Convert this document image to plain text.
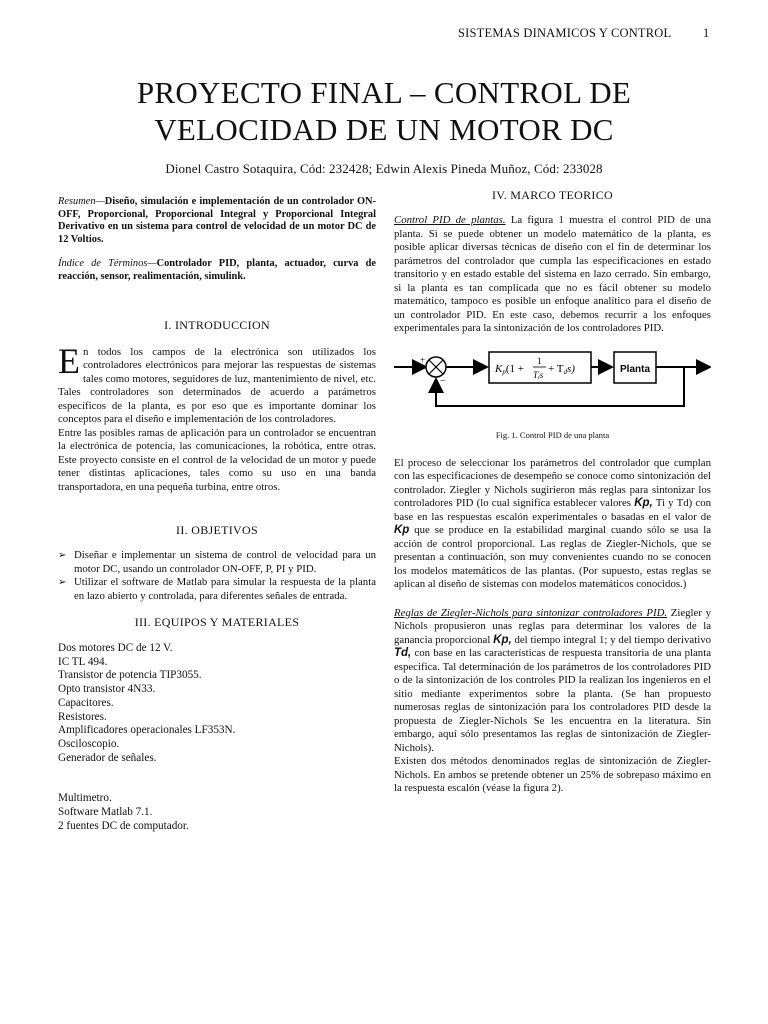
SISTEMAS DINAMICOS Y CONTROL	1
PROYECTO FINAL – CONTROL DE
VELOCIDAD DE UN MOTOR DC
Dionel Castro Sotaquira, Cód: 232428; Edwin Alexis Pineda Muñoz, Cód: 233028

Resumen—Diseño, simulación e implementación de un controlador ON-OFF, Proporcional, Proporcional Integral y Proporcional Integral Derivativo en un sistema para control de velocidad de un motor DC de 12 Voltios.

Índice de Términos—Controlador PID, planta, actuador, curva de reacción, sensor, realimentación, simulink.

I. INTRODUCCION

En todos los campos de la electrónica son utilizados los controladores electrónicos para mejorar las respuestas de sistemas tales como motores, seguidores de luz, mantenimiento de nivel, etc. Tales controladores son determinados de acuerdo a parámetros específicos de la planta, es por eso que es importante dominar los conceptos para el diseño e implementación de los controladores.

Entre las posibles ramas de aplicación para un controlador se encuentran la electrónica de potencia, las comunicaciones, la robótica, entre otras. Este proyecto consiste en el control de la velocidad de un motor y puede tener distintas aplicaciones, tales como su uso en una banda transportadora, en una pequeña turbina, entre otros.

II. OBJETIVOS
➢ Diseñar e implementar un sistema de control de velocidad para un motor DC, usando un controlador ON-OFF, P, PI y PID.
➢ Utilizar el software de Matlab para simular la respuesta de la planta en lazo abierto y controlada, para diferentes señales de entrada.
III. EQUIPOS Y MATERIALES
Dos motores DC de 12 V.
IC TL 494.
Transistor de potencia TIP3055.
Opto transistor 4N33.
Capacitores.
Resistores.
Amplificadores operacionales LF353N.
Osciloscopio.
Generador de señales.
Multimetro.
Software Matlab 7.1.
2 fuentes DC de computador.
IV. MARCO TEORICO

Control PID de plantas. La figura 1 muestra el control PID de una planta. Si se puede obtener un modelo matemático de la planta, es posible aplicar diversas técnicas de diseño con el fin de determinar los parámetros del controlador que cumpla las especificaciones en estado transitorio y en estado estable del sistema en lazo cerrado. Sin embargo, si la planta es tan complicada que no es fácil obtener su modelo matemático, tampoco es posible un enfoque analítico para el diseño de un controlador PID. En este caso, debemos recurrir a los enfoques experimentales para la sintonización de los controladores PID.

+
−
Kp(1 +
1
Tis + Tds)	Planta
Fig. 1. Control PID de una planta

El proceso de seleccionar los parámetros del controlador que cumplan con las especificaciones de desempeño se conoce como sintonización del controlador. Ziegler y Nichols sugirieron más reglas para sintonizar los controladores PID (lo cual significa establecer valores Kp, Ti y Td) con base en las respuestas escalón experimentales o basadas en el valor de Kp que se produce en la estabilidad marginal cuando sólo se usa la acción de control proporcional. Las reglas de Ziegler-Nichols, que se presentan a continuación, son muy convenientes cuando no se conocen los modelos matemáticos de las plantas. (Por supuesto, estas reglas se aplican al diseño de sistemas con modelos matemáticos conocidos.)

Reglas de Ziegler-Nichols para sintonizar controladores PID. Ziegler y Nichols propusieron unas reglas para determinar los valores de la ganancia proporcional Kp, del tiempo integral 1; y del tiempo derivativo Td, con base en las características de respuesta transitoria de una planta especifica. Tal determinación de los parámetros de los controladores PID o de la sintonización de los controles PID la realizan los ingenieros en el sitio mediante experimentos sobre la planta. (Se han propuesto numerosas reglas de sintonización para los controladores PID desde la propuesta de Ziegler-Nichols Se les encuentra en la literatura. Sin embargo, aquí sólo presentamos las reglas de sintonización de Ziegler-Nichols).

Existen dos métodos denominados reglas de sintonización de Ziegler-Nichols. En ambos se pretende obtener un 25% de sobrepaso máximo en la respuesta escalón (véase la figura 2).
